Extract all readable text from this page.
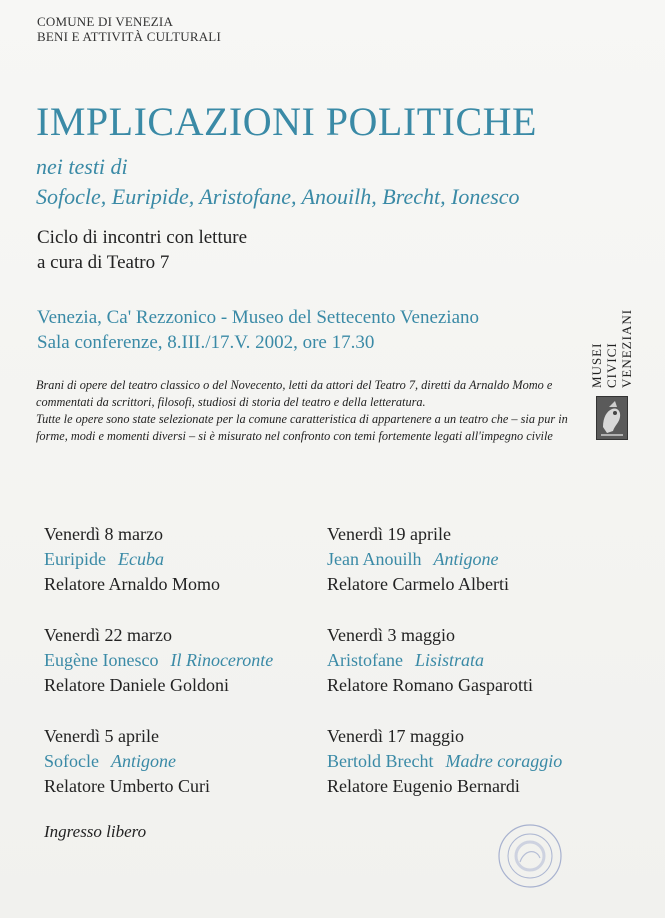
COMUNE DI VENEZIA
BENI E ATTIVITÀ CULTURALI
IMPLICAZIONI POLITICHE
nei testi di
Sofocle, Euripide, Aristofane, Anouilh, Brecht, Ionesco
Ciclo di incontri con letture
a cura di Teatro 7
Venezia, Ca' Rezzonico - Museo del Settecento Veneziano
Sala conferenze, 8.III./17.V. 2002, ore 17.30

Brani di opere del teatro classico o del Novecento, letti da attori del Teatro 7, diretti da Arnaldo Momo e commentati da scrittori, filosofi, studiosi di storia del teatro e della letteratura.

Tutte le opere sono state selezionate per la comune caratteristica di appartenere a un teatro che – sia pur in forme, modi e momenti diversi – si è misurato nel confronto con temi fortemente legati all'impegno civile

Venerdì 8 marzo
Euripide Ecuba
Relatore Arnaldo Momo
Venerdì 19 aprile
Jean Anouilh Antigone
Relatore Carmelo Alberti
Venerdì 22 marzo
Eugène Ionesco Il Rinoceronte
Relatore Daniele Goldoni
Venerdì 3 maggio
Aristofane Lisistrata
Relatore Romano Gasparotti
Venerdì 5 aprile
Sofocle Antigone
Relatore Umberto Curi
Venerdì 17 maggio
Bertold Brecht Madre coraggio
Relatore Eugenio Bernardi
Ingresso libero
MUSEI CIVICI VENEZIANI
